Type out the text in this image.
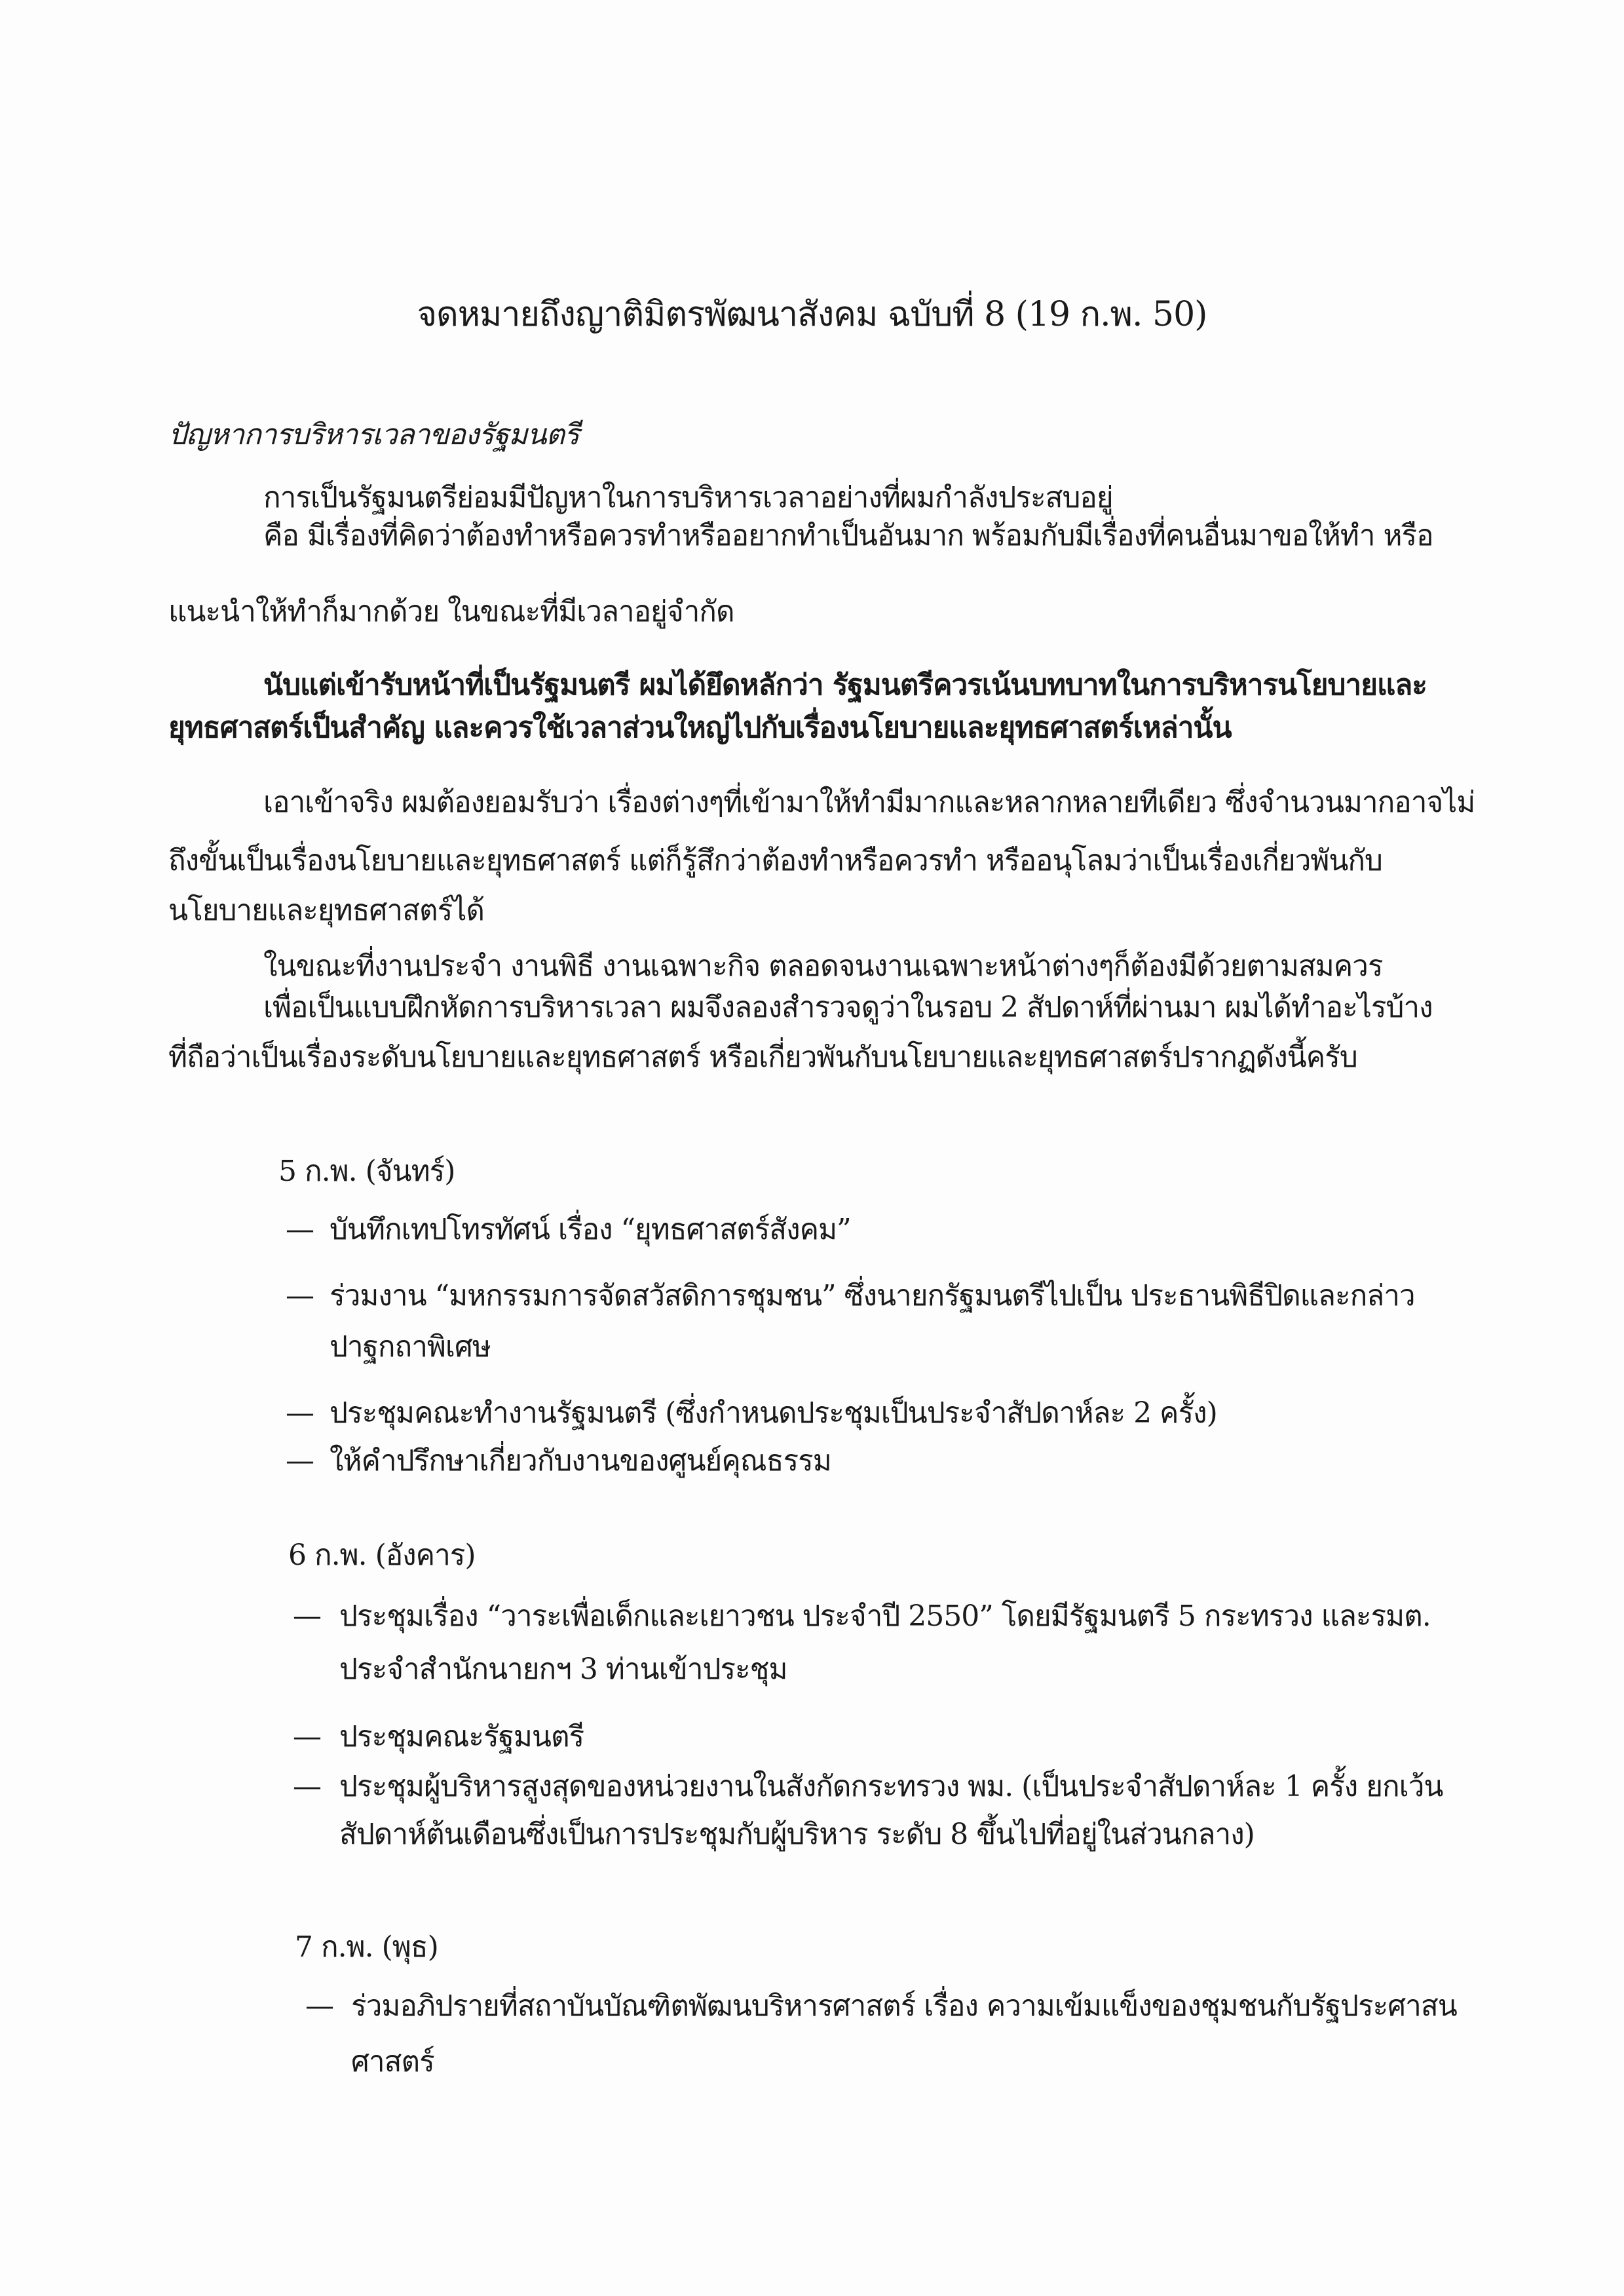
จดหมายถึงญาติมิตรพัฒนาสังคม ฉบับที่ 8 (19 ก.พ. 50)
ปัญหาการบริหารเวลาของรัฐมนตรี
การเป็นรัฐมนตรีย่อมมีปัญหาในการบริหารเวลาอย่างที่ผมกำลังประสบอยู่
คือ มีเรื่องที่คิดว่าต้องทำหรือควรทำหรืออยากทำเป็นอันมาก พร้อมกับมีเรื่องที่คนอื่นมาขอให้ทำ หรือ
แนะนำให้ทำก็มากด้วย ในขณะที่มีเวลาอยู่จำกัด
นับแต่เข้ารับหน้าที่เป็นรัฐมนตรี ผมได้ยึดหลักว่า รัฐมนตรีควรเน้นบทบาทในการบริหารนโยบายและ
ยุทธศาสตร์เป็นสำคัญ และควรใช้เวลาส่วนใหญ่ไปกับเรื่องนโยบายและยุทธศาสตร์เหล่านั้น
เอาเข้าจริง ผมต้องยอมรับว่า เรื่องต่างๆที่เข้ามาให้ทำมีมากและหลากหลายทีเดียว ซึ่งจำนวนมากอาจไม่
ถึงขั้นเป็นเรื่องนโยบายและยุทธศาสตร์ แต่ก็รู้สึกว่าต้องทำหรือควรทำ หรืออนุโลมว่าเป็นเรื่องเกี่ยวพันกับ
นโยบายและยุทธศาสตร์ได้
ในขณะที่งานประจำ งานพิธี งานเฉพาะกิจ ตลอดจนงานเฉพาะหน้าต่างๆก็ต้องมีด้วยตามสมควร
เพื่อเป็นแบบฝึกหัดการบริหารเวลา ผมจึงลองสำรวจดูว่าในรอบ 2 สัปดาห์ที่ผ่านมา ผมได้ทำอะไรบ้าง
ที่ถือว่าเป็นเรื่องระดับนโยบายและยุทธศาสตร์ หรือเกี่ยวพันกับนโยบายและยุทธศาสตร์ปรากฏดังนี้ครับ
5 ก.พ. (จันทร์)
— บันทึกเทปโทรทัศน์ เรื่อง “ยุทธศาสตร์สังคม”
— ร่วมงาน “มหกรรมการจัดสวัสดิการชุมชน” ซึ่งนายกรัฐมนตรีไปเป็น ประธานพิธีปิดและกล่าว
ปาฐกถาพิเศษ
— ประชุมคณะทำงานรัฐมนตรี (ซึ่งกำหนดประชุมเป็นประจำสัปดาห์ละ 2 ครั้ง)
— ให้คำปรึกษาเกี่ยวกับงานของศูนย์คุณธรรม
6 ก.พ. (อังคาร)
— ประชุมเรื่อง “วาระเพื่อเด็กและเยาวชน ประจำปี 2550” โดยมีรัฐมนตรี 5 กระทรวง และรมต.
ประจำสำนักนายกฯ 3 ท่านเข้าประชุม
— ประชุมคณะรัฐมนตรี
— ประชุมผู้บริหารสูงสุดของหน่วยงานในสังกัดกระทรวง พม. (เป็นประจำสัปดาห์ละ 1 ครั้ง ยกเว้น
สัปดาห์ต้นเดือนซึ่งเป็นการประชุมกับผู้บริหาร ระดับ 8 ขึ้นไปที่อยู่ในส่วนกลาง)
7 ก.พ. (พุธ)
— ร่วมอภิปรายที่สถาบันบัณฑิตพัฒนบริหารศาสตร์ เรื่อง ความเข้มแข็งของชุมชนกับรัฐประศาสน
ศาสตร์
